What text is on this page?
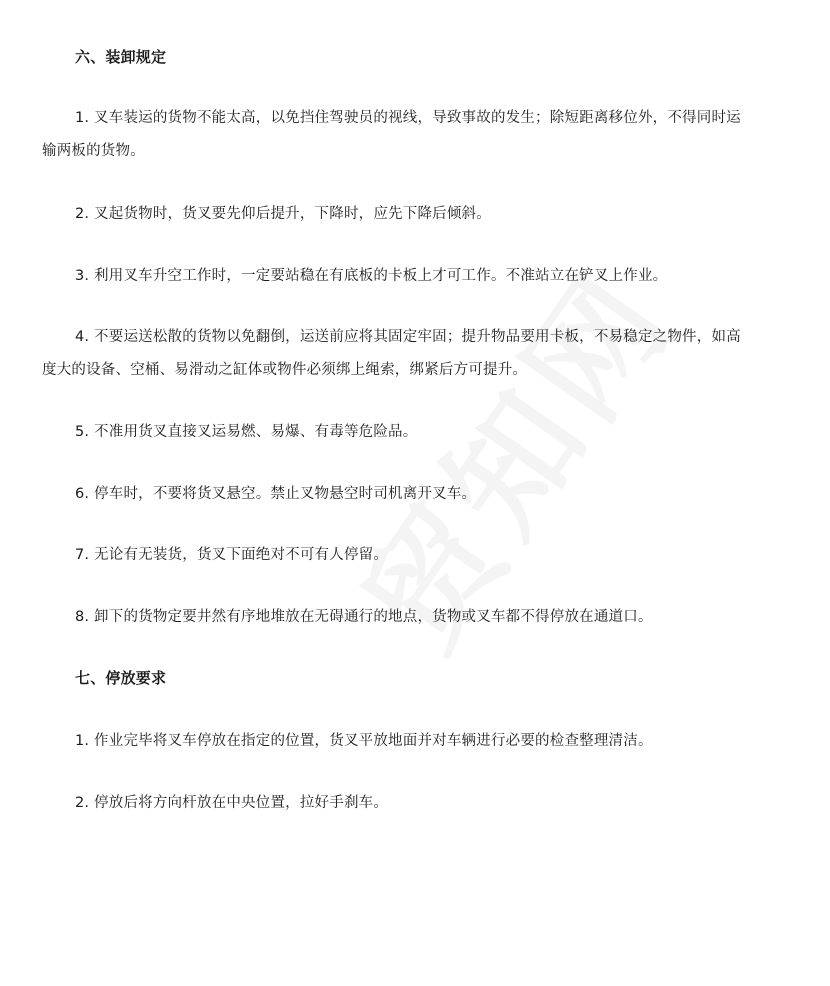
六、装卸规定
1. 叉车装运的货物不能太高，以免挡住驾驶员的视线，导致事故的发生；除短距离移位外，不得同时运
输两板的货物。
2. 叉起货物时，货叉要先仰后提升，下降时，应先下降后倾斜。
3. 利用叉车升空工作时，一定要站稳在有底板的卡板上才可工作。不准站立在铲叉上作业。
4. 不要运送松散的货物以免翻倒，运送前应将其固定牢固；提升物品要用卡板，不易稳定之物件，如高
度大的设备、空桶、易滑动之缸体或物件必须绑上绳索，绑紧后方可提升。
5. 不准用货叉直接叉运易燃、易爆、有毒等危险品。
6. 停车时，不要将货叉悬空。禁止叉物悬空时司机离开叉车。
7. 无论有无装货，货叉下面绝对不可有人停留。
8. 卸下的货物定要井然有序地堆放在无碍通行的地点，货物或叉车都不得停放在通道口。
七、停放要求
1. 作业完毕将叉车停放在指定的位置，货叉平放地面并对车辆进行必要的检查整理清洁。
2. 停放后将方向杆放在中央位置，拉好手刹车。
